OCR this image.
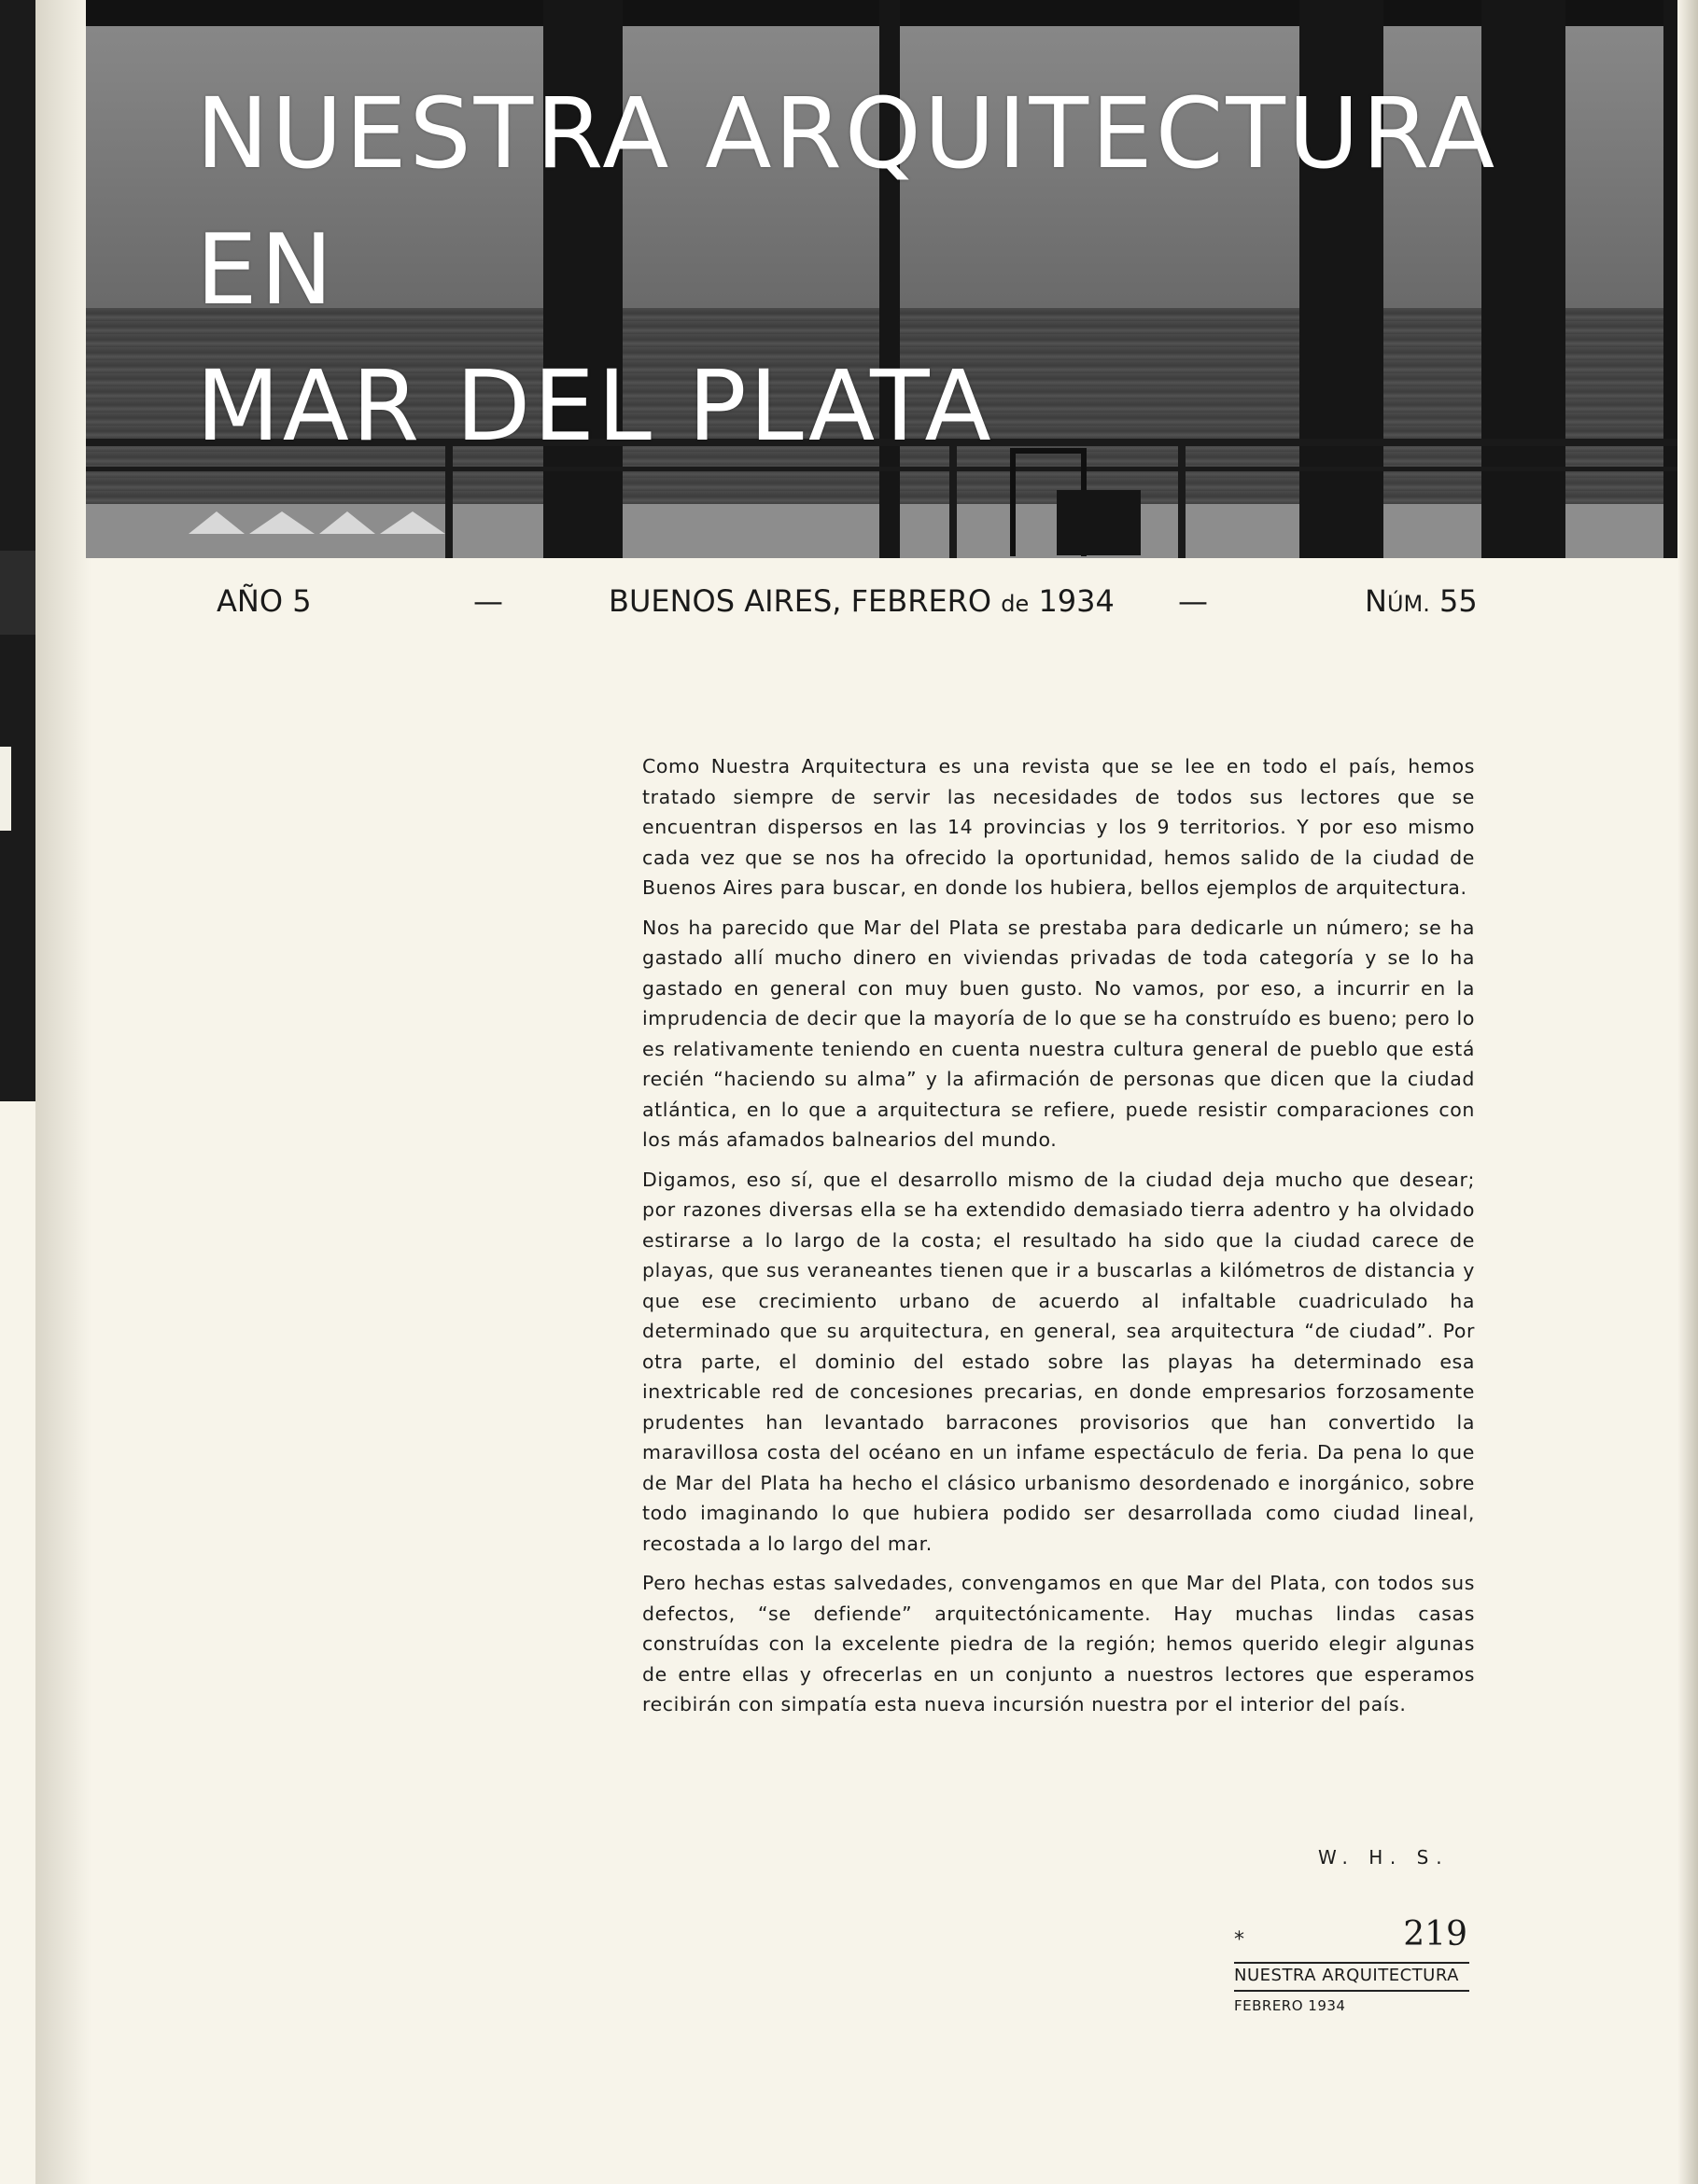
NUESTRA ARQUITECTURA
EN
MAR DEL PLATA
AÑO 5	—	BUENOS AIRES, FEBRERO de 1934 —	NÚM. 55

Como Nuestra Arquitectura es una revista que se lee en todo el país, hemos tratado siempre de servir las necesidades de todos sus lectores que se encuentran dispersos en las 14 provincias y los 9 territorios. Y por eso mismo cada vez que se nos ha ofrecido la oportunidad, hemos salido de la ciudad de Buenos Aires para buscar, en donde los hubiera, bellos ejemplos de arquitectura.

Nos ha parecido que Mar del Plata se prestaba para dedicarle un número; se ha gastado allí mucho dinero en viviendas privadas de toda categoría y se lo ha gastado en general con muy buen gusto. No vamos, por eso, a incurrir en la imprudencia de decir que la mayoría de lo que se ha construído es bueno; pero lo es relativamente teniendo en cuenta nuestra cultura general de pueblo que está recién “haciendo su alma” y la afirmación de personas que dicen que la ciudad atlántica, en lo que a arquitectura se refiere, puede resistir comparaciones con los más afamados balnearios del mundo.

Digamos, eso sí, que el desarrollo mismo de la ciudad deja mucho que desear; por razones diversas ella se ha extendido demasiado tierra adentro y ha olvidado estirarse a lo largo de la costa; el resultado ha sido que la ciudad carece de playas, que sus veraneantes tienen que ir a buscarlas a kilómetros de distancia y que ese crecimiento urbano de acuerdo al infaltable cuadriculado ha determinado que su arquitectura, en general, sea arquitectura “de ciudad”. Por otra parte, el dominio del estado sobre las playas ha determinado esa inextricable red de concesiones precarias, en donde empresarios forzosamente prudentes han levantado barracones provisorios que han convertido la maravillosa costa del océano en un infame espectáculo de feria. Da pena lo que de Mar del Plata ha hecho el clásico urbanismo desordenado e inorgánico, sobre todo imaginando lo que hubiera podido ser desarrollada como ciudad lineal, recostada a lo largo del mar.

Pero hechas estas salvedades, convengamos en que Mar del Plata, con todos sus defectos, “se defiende” arquitectónicamente. Hay muchas lindas casas construídas con la excelente piedra de la región; hemos querido elegir algunas de entre ellas y ofrecerlas en un conjunto a nuestros lectores que esperamos recibirán con simpatía esta nueva incursión nuestra por el interior del país.

W. H. S.
*	219
NUESTRA ARQUITECTURA
FEBRERO 1934
